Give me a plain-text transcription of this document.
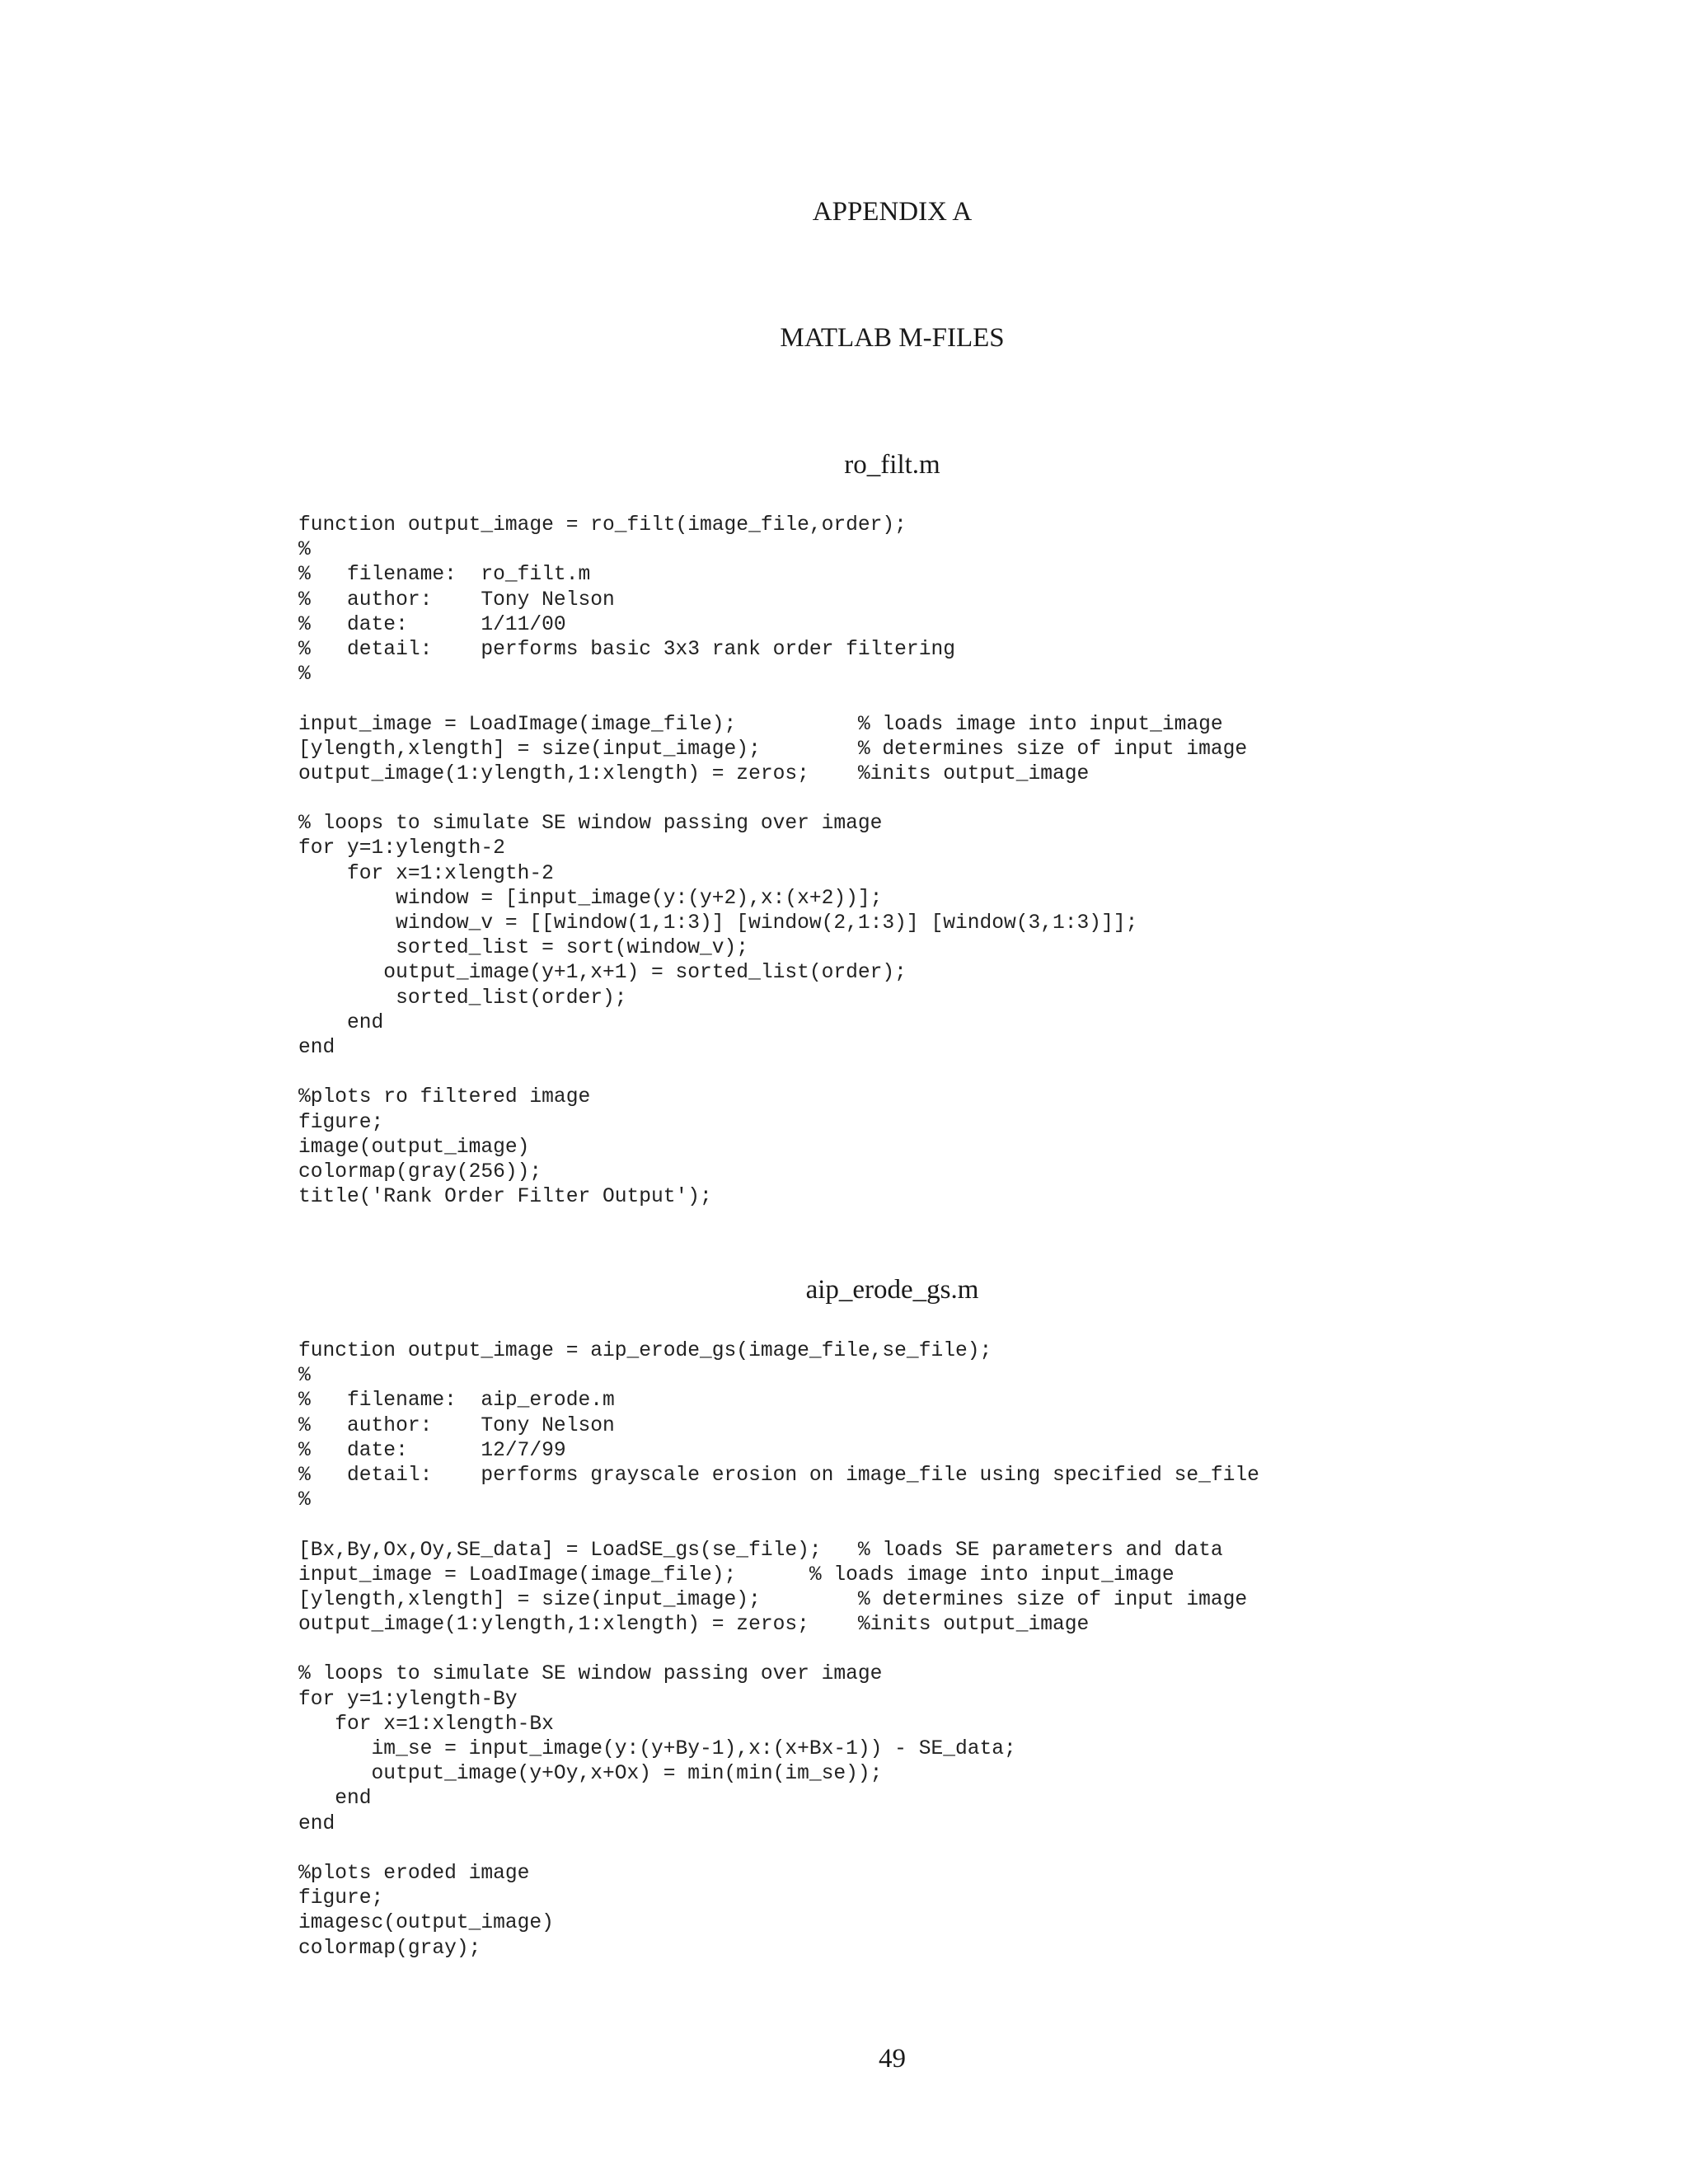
APPENDIX A
MATLAB M-FILES
ro_filt.m
function output_image = ro_filt(image_file,order);
%
%   filename:  ro_filt.m
%   author:    Tony Nelson
%   date:      1/11/00
%   detail:    performs basic 3x3 rank order filtering
%
input_image = LoadImage(image_file);          % loads image into input_image
[ylength,xlength] = size(input_image);        % determines size of input image
output_image(1:ylength,1:xlength) = zeros;    %inits output_image
% loops to simulate SE window passing over image
for y=1:ylength-2
for x=1:xlength-2
window = [input_image(y:(y+2),x:(x+2))];
window_v = [[window(1,1:3)] [window(2,1:3)] [window(3,1:3)]];
sorted_list = sort(window_v);
output_image(y+1,x+1) = sorted_list(order);
sorted_list(order);
end
end
%plots ro filtered image
figure;
image(output_image)
colormap(gray(256));
title('Rank Order Filter Output');
aip_erode_gs.m
function output_image = aip_erode_gs(image_file,se_file);
%
%   filename:  aip_erode.m
%   author:    Tony Nelson
%   date:      12/7/99
%   detail:    performs grayscale erosion on image_file using specified se_file
%
[Bx,By,Ox,Oy,SE_data] = LoadSE_gs(se_file);   % loads SE parameters and data
input_image = LoadImage(image_file);      % loads image into input_image
[ylength,xlength] = size(input_image);        % determines size of input image
output_image(1:ylength,1:xlength) = zeros;    %inits output_image
% loops to simulate SE window passing over image
for y=1:ylength-By
for x=1:xlength-Bx
im_se = input_image(y:(y+By-1),x:(x+Bx-1)) - SE_data;
output_image(y+Oy,x+Ox) = min(min(im_se));
end
end
%plots eroded image
figure;
imagesc(output_image)
colormap(gray);
49
